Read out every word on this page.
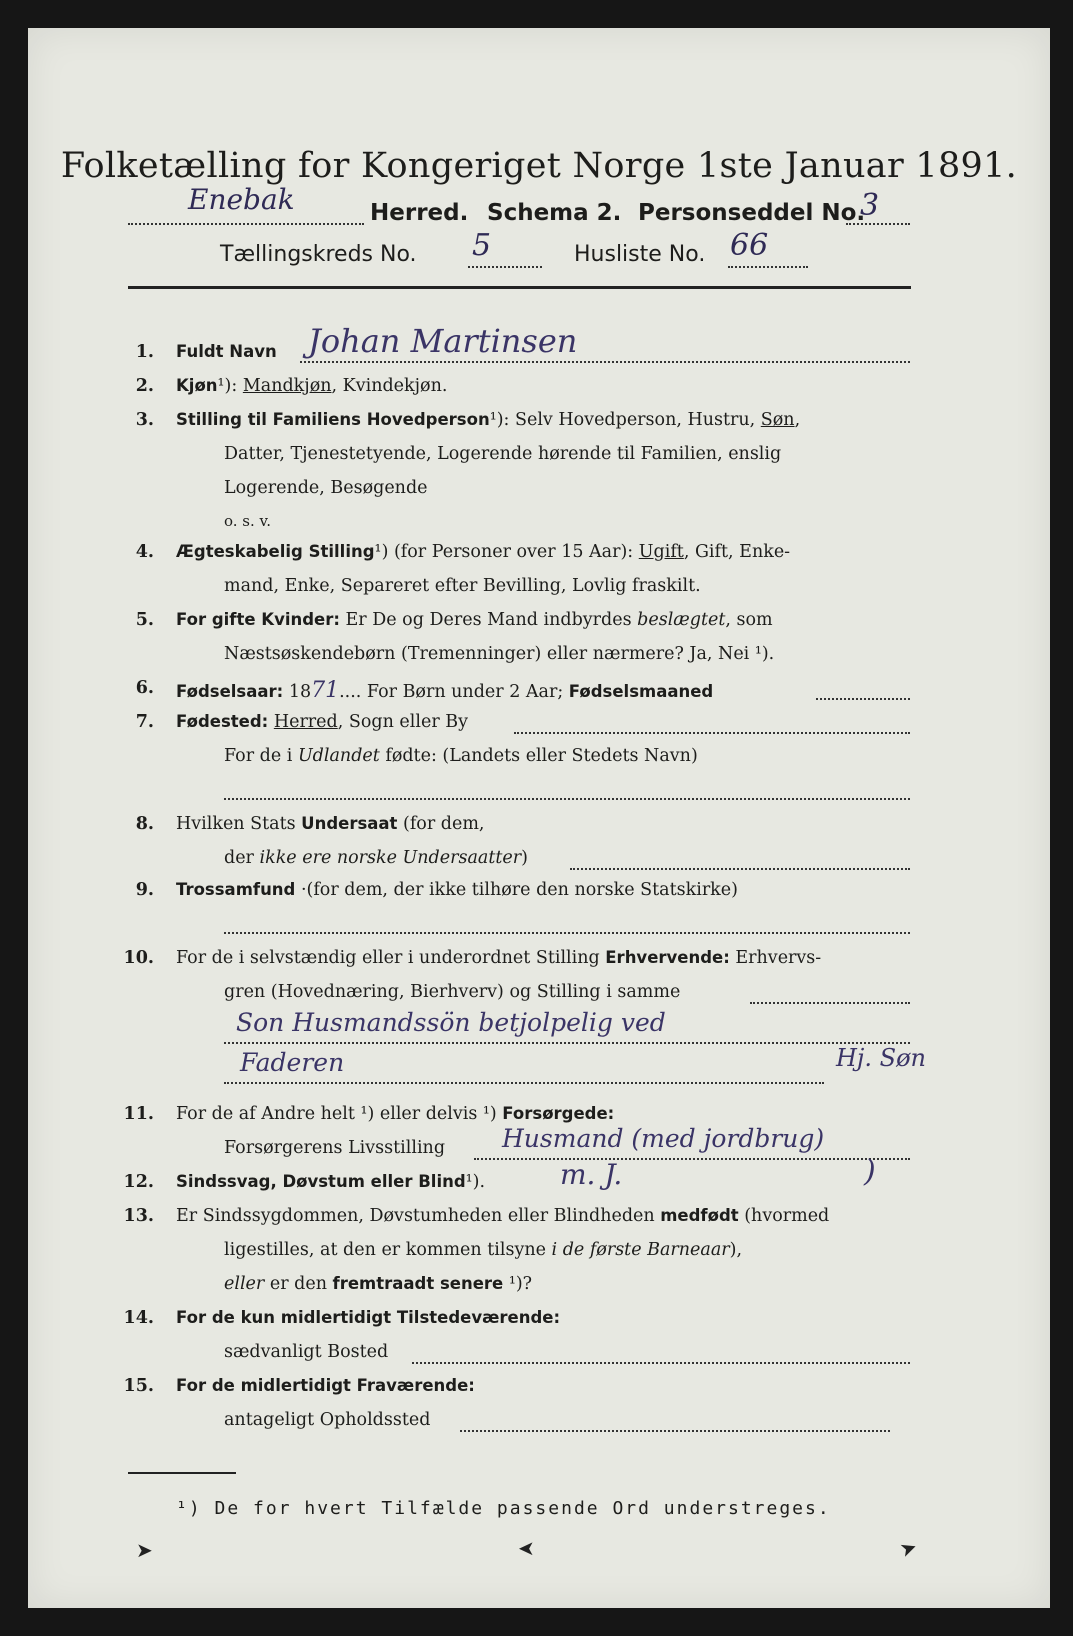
Folketælling for Kongeriget Norge 1ste Januar 1891.
Enebak	Herred. Schema 2. Personseddel No.
3
Tællingskreds No. 5	Husliste No. 66
1. Fuldt Navn Johan Martinsen
2. Kjøn¹): Mandkjøn, Kvindekjøn.
3. Stilling til Familiens Hovedperson¹): Selv Hovedperson, Hustru, Søn,
Datter, Tjenestetyende, Logerende hørende til Familien, enslig
Logerende, Besøgende
o. s. v.
4. Ægteskabelig Stilling¹) (for Personer over 15 Aar): Ugift, Gift, Enke-
mand, Enke, Separeret efter Bevilling, Lovlig fraskilt.
5. For gifte Kvinder: Er De og Deres Mand indbyrdes beslægtet, som
Næstsøskendebørn (Tremenninger) eller nærmere? Ja, Nei ¹).
6. Fødselsaar: 1871.... For Børn under 2 Aar; Fødselsmaaned
7. Fødested: Herred, Sogn eller By
For de i Udlandet fødte: (Landets eller Stedets Navn)
8. Hvilken Stats Undersaat (for dem,
der ikke ere norske Undersaatter)
9. Trossamfund ·(for dem, der ikke tilhøre den norske Statskirke)
10. For de i selvstændig eller i underordnet Stilling Erhvervende: Erhvervs-
gren (Hovednæring, Bierhverv) og Stilling i samme
Son Husmandssön betjolpelig ved
Faderen	Hj. Søn
11. For de af Andre helt ¹) eller delvis ¹) Forsørgede:
Forsørgerens Livsstilling Husmand (med jordbrug)
12. Sindssvag, Døvstum eller Blind¹).	m. J.	)
13. Er Sindssygdommen, Døvstumheden eller Blindheden medfødt (hvormed
ligestilles, at den er kommen tilsyne i de første Barneaar),
eller er den fremtraadt senere ¹)?
14. For de kun midlertidigt Tilstedeværende:
sædvanligt Bosted
15. For de midlertidigt Fraværende:
antageligt Opholdssted
¹) De for hvert Tilfælde passende Ord understreges.
➤	➤	➤
